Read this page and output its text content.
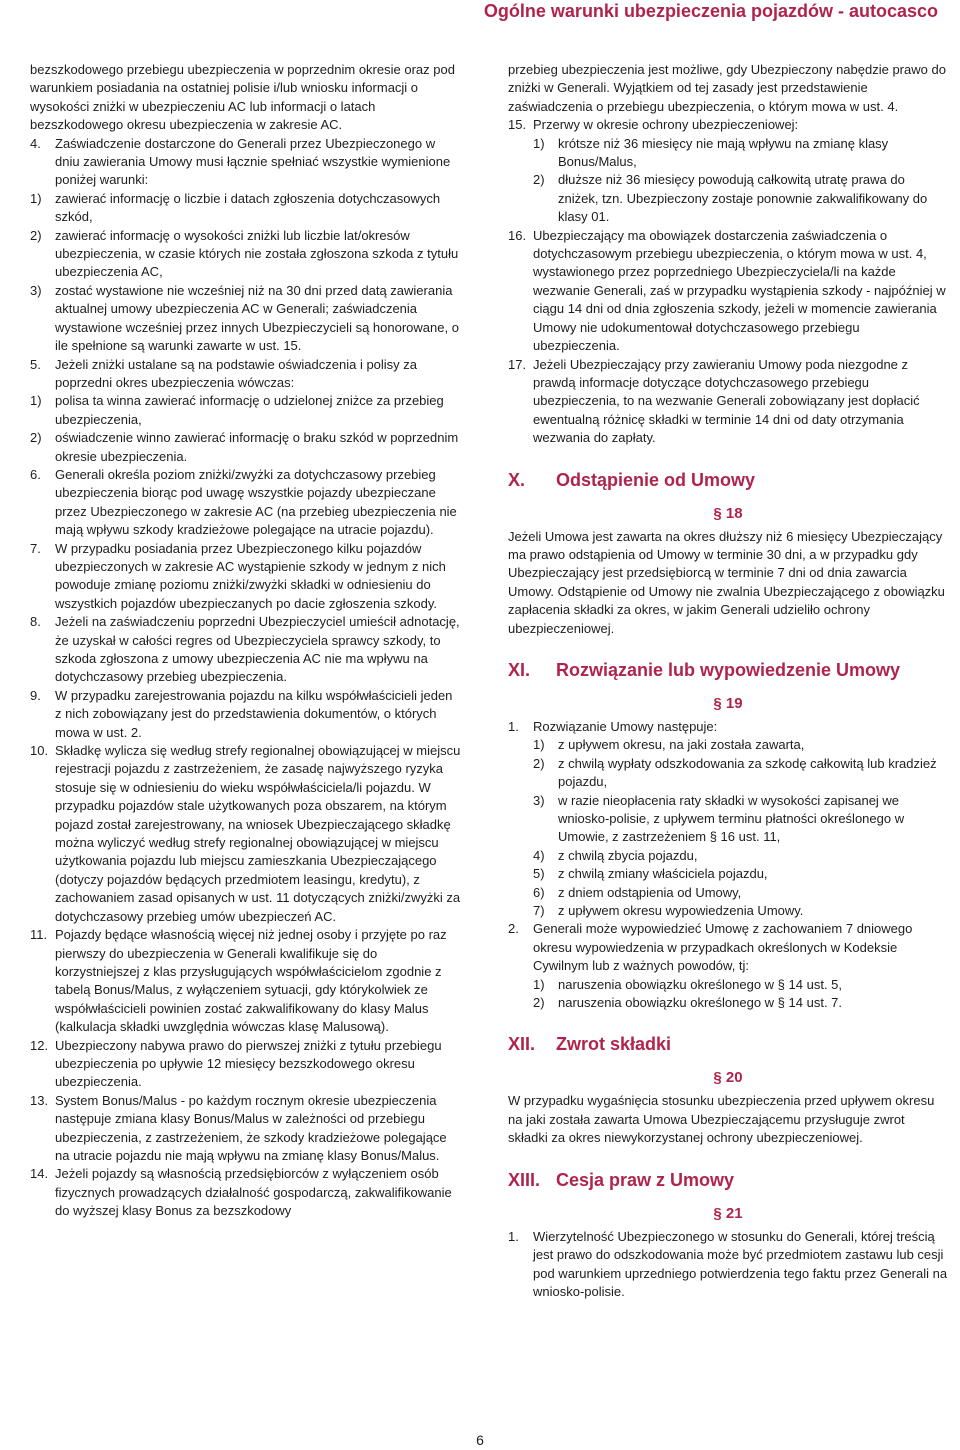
Ogólne warunki ubezpieczenia pojazdów - autocasco

bezszkodowego przebiegu ubezpieczenia w poprzednim okresie oraz pod warunkiem posiadania na ostatniej polisie i/lub wniosku informacji o wysokości zniżki w ubezpieczeniu AC lub informacji o latach bezszkodowego okresu ubezpieczenia w zakresie AC.

4. Zaświadczenie dostarczone do Generali przez Ubezpieczonego w dniu zawierania Umowy musi łącznie spełniać wszystkie wymienione poniżej warunki:
1) zawierać informację o liczbie i datach zgłoszenia dotychczasowych szkód,
2) zawierać informację o wysokości zniżki lub liczbie lat/okresów ubezpieczenia, w czasie których nie została zgłoszona szkoda z tytułu ubezpieczenia AC,
3) zostać wystawione nie wcześniej niż na 30 dni przed datą zawierania aktualnej umowy ubezpieczenia AC w Generali; zaświadczenia wystawione wcześniej przez innych Ubezpieczycieli są honorowane, o ile spełnione są warunki zawarte w ust. 15.
5. Jeżeli zniżki ustalane są na podstawie oświadczenia i polisy za poprzedni okres ubezpieczenia wówczas:
1) polisa ta winna zawierać informację o udzielonej zniżce za przebieg ubezpieczenia,
2) oświadczenie winno zawierać informację o braku szkód w poprzednim okresie ubezpieczenia.
6. Generali określa poziom zniżki/zwyżki za dotychczasowy przebieg ubezpieczenia biorąc pod uwagę wszystkie pojazdy ubezpieczane przez Ubezpieczonego w zakresie AC (na przebieg ubezpieczenia nie mają wpływu szkody kradzieżowe polegające na utracie pojazdu).
7. W przypadku posiadania przez Ubezpieczonego kilku pojazdów ubezpieczonych w zakresie AC wystąpienie szkody w jednym z nich powoduje zmianę poziomu zniżki/zwyżki składki w odniesieniu do wszystkich pojazdów ubezpieczanych po dacie zgłoszenia szkody.
8. Jeżeli na zaświadczeniu poprzedni Ubezpieczyciel umieścił adnotację, że uzyskał w całości regres od Ubezpieczyciela sprawcy szkody, to szkoda zgłoszona z umowy ubezpieczenia AC nie ma wpływu na dotychczasowy przebieg ubezpieczenia.
9. W przypadku zarejestrowania pojazdu na kilku współwłaścicieli jeden z nich zobowiązany jest do przedstawienia dokumentów, o których mowa w ust. 2.
10. Składkę wylicza się według strefy regionalnej obowiązującej w miejscu rejestracji pojazdu z zastrzeżeniem, że zasadę najwyższego ryzyka stosuje się w odniesieniu do wieku współwłaściciela/li pojazdu. W przypadku pojazdów stale użytkowanych poza obszarem, na którym pojazd został zarejestrowany, na wniosek Ubezpieczającego składkę można wyliczyć według strefy regionalnej obowiązującej w miejscu użytkowania pojazdu lub miejscu zamieszkania Ubezpieczającego (dotyczy pojazdów będących przedmiotem leasingu, kredytu), z zachowaniem zasad opisanych w ust. 11 dotyczących zniżki/zwyżki za dotychczasowy przebieg umów ubezpieczeń AC.
11. Pojazdy będące własnością więcej niż jednej osoby i przyjęte po raz pierwszy do ubezpieczenia w Generali kwalifikuje się do korzystniejszej z klas przysługujących współwłaścicielom zgodnie z tabelą Bonus/Malus, z wyłączeniem sytuacji, gdy którykolwiek ze współwłaścicieli powinien zostać zakwalifikowany do klasy Malus (kalkulacja składki uwzględnia wówczas klasę Malusową).
12. Ubezpieczony nabywa prawo do pierwszej zniżki z tytułu przebiegu ubezpieczenia po upływie 12 miesięcy bezszkodowego okresu ubezpieczenia.
13. System Bonus/Malus - po każdym rocznym okresie ubezpieczenia następuje zmiana klasy Bonus/Malus w zależności od przebiegu ubezpieczenia, z zastrzeżeniem, że szkody kradzieżowe polegające na utracie pojazdu nie mają wpływu na zmianę klasy Bonus/Malus.
14. Jeżeli pojazdy są własnością przedsiębiorców z wyłączeniem osób fizycznych prowadzących działalność gospodarczą, zakwalifikowanie do wyższej klasy Bonus za bezszkodowy

przebieg ubezpieczenia jest możliwe, gdy Ubezpieczony nabędzie prawo do zniżki w Generali. Wyjątkiem od tej zasady jest przedstawienie zaświadczenia o przebiegu ubezpieczenia, o którym mowa w ust. 4.

15. Przerwy w okresie ochrony ubezpieczeniowej:
1) krótsze niż 36 miesięcy nie mają wpływu na zmianę klasy Bonus/Malus,
2) dłuższe niż 36 miesięcy powodują całkowitą utratę prawa do zniżek, tzn. Ubezpieczony zostaje ponownie zakwalifikowany do klasy 01.
16. Ubezpieczający ma obowiązek dostarczenia zaświadczenia o dotychczasowym przebiegu ubezpieczenia, o którym mowa w ust. 4, wystawionego przez poprzedniego Ubezpieczyciela/li na każde wezwanie Generali, zaś w przypadku wystąpienia szkody - najpóźniej w ciągu 14 dni od dnia zgłoszenia szkody, jeżeli w momencie zawierania Umowy nie udokumentował dotychczasowego przebiegu ubezpieczenia.
17. Jeżeli Ubezpieczający przy zawieraniu Umowy poda niezgodne z prawdą informacje dotyczące dotychczasowego przebiegu ubezpieczenia, to na wezwanie Generali zobowiązany jest dopłacić ewentualną różnicę składki w terminie 14 dni od daty otrzymania wezwania do zapłaty.
X. Odstąpienie od Umowy
§ 18

Jeżeli Umowa jest zawarta na okres dłuższy niż 6 miesięcy Ubezpieczający ma prawo odstąpienia od Umowy w terminie 30 dni, a w przypadku gdy Ubezpieczający jest przedsiębiorcą w terminie 7 dni od dnia zawarcia Umowy. Odstąpienie od Umowy nie zwalnia Ubezpieczającego z obowiązku zapłacenia składki za okres, w jakim Generali udzieliło ochrony ubezpieczeniowej.

XI. Rozwiązanie lub wypowiedzenie Umowy
§ 19
1. Rozwiązanie Umowy następuje:
1) z upływem okresu, na jaki została zawarta,
2) z chwilą wypłaty odszkodowania za szkodę całkowitą lub kradzież pojazdu,
3) w razie nieopłacenia raty składki w wysokości zapisanej we wniosko-polisie, z upływem terminu płatności określonego w Umowie, z zastrzeżeniem § 16 ust. 11,
4) z chwilą zbycia pojazdu,
5) z chwilą zmiany właściciela pojazdu,
6) z dniem odstąpienia od Umowy,
7) z upływem okresu wypowiedzenia Umowy.
2. Generali może wypowiedzieć Umowę z zachowaniem 7 dniowego okresu wypowiedzenia w przypadkach określonych w Kodeksie Cywilnym lub z ważnych powodów, tj:
1) naruszenia obowiązku określonego w § 14 ust. 5,
2) naruszenia obowiązku określonego w § 14 ust. 7.
XII. Zwrot składki
§ 20

W przypadku wygaśnięcia stosunku ubezpieczenia przed upływem okresu na jaki została zawarta Umowa Ubezpieczającemu przysługuje zwrot składki za okres niewykorzystanej ochrony ubezpieczeniowej.

XIII. Cesja praw z Umowy
§ 21
1. Wierzytelność Ubezpieczonego w stosunku do Generali, której treścią jest prawo do odszkodowania może być przedmiotem zastawu lub cesji pod warunkiem uprzedniego potwierdzenia tego faktu przez Generali na wniosko-polisie.
6
